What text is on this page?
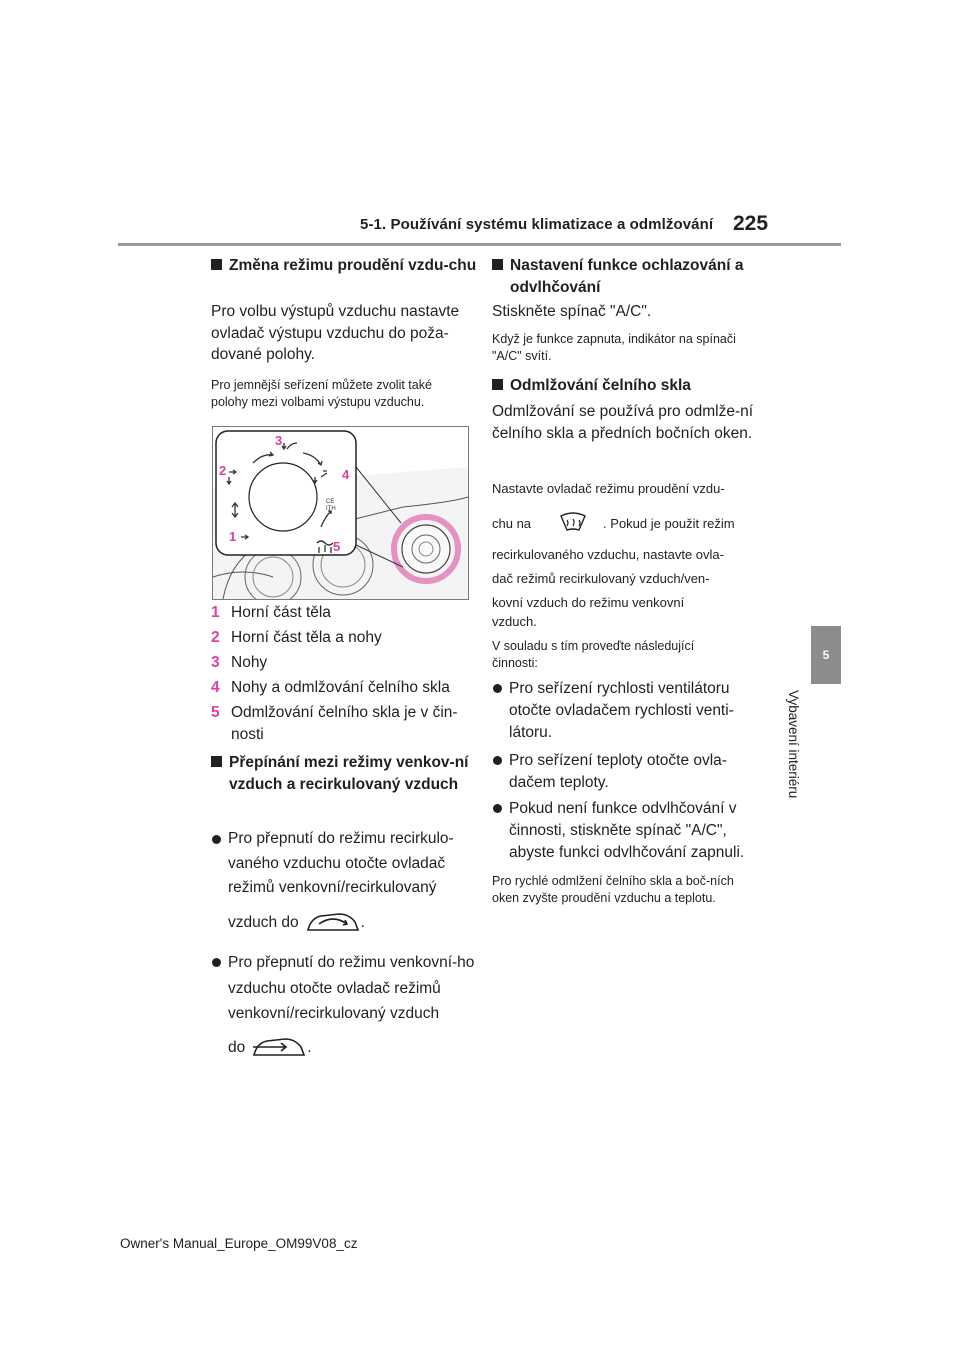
5-1. Používání systému klimatizace a odmlžování 225
5
Vybavení interiéru
Změna režimu proudění vzdu-chu
Pro volbu výstupů vzduchu nastavte ovladač výstupu vzduchu do poža-dované polohy.
Pro jemnější seřízení můžete zvolit také polohy mezi volbami výstupu vzduchu.
CE
ITH
3
2	4
1
5
1 Horní část těla
2 Horní část těla a nohy
3 Nohy
4 Nohy a odmlžování čelního skla
5 Odmlžování čelního skla je v čin-nosti
Přepínání mezi režimy venkov-ní vzduch a recirkulovaný vzduch
Pro přepnutí do režimu recirkulo-vaného vzduchu otočte ovladač režimů venkovní/recirkulovaný
vzduch do	.
Pro přepnutí do režimu venkovní-ho vzduchu otočte ovladač režimů venkovní/recirkulovaný vzduch
do	.
Nastavení funkce ochlazování a odvlhčování
Stiskněte spínač "A/C".
Když je funkce zapnuta, indikátor na spínači "A/C" svítí.
Odmlžování čelního skla
Odmlžování se používá pro odmlže-ní čelního skla a předních bočních oken.
Nastavte ovladač režimu proudění vzdu-
chu na	. Pokud je použit režim
recirkulovaného vzduchu, nastavte ovla-
dač režimů recirkulovaný vzduch/ven-
kovní vzduch do režimu venkovní
vzduch.
V souladu s tím proveďte následující činnosti:
Pro seřízení rychlosti ventilátoru otočte ovladačem rychlosti venti-látoru.
Pro seřízení teploty otočte ovla-dačem teploty.
Pokud není funkce odvlhčování v činnosti, stiskněte spínač "A/C", abyste funkci odvlhčování zapnuli.
Pro rychlé odmlžení čelního skla a boč-ních oken zvyšte proudění vzduchu a teplotu.
Owner's Manual_Europe_OM99V08_cz
